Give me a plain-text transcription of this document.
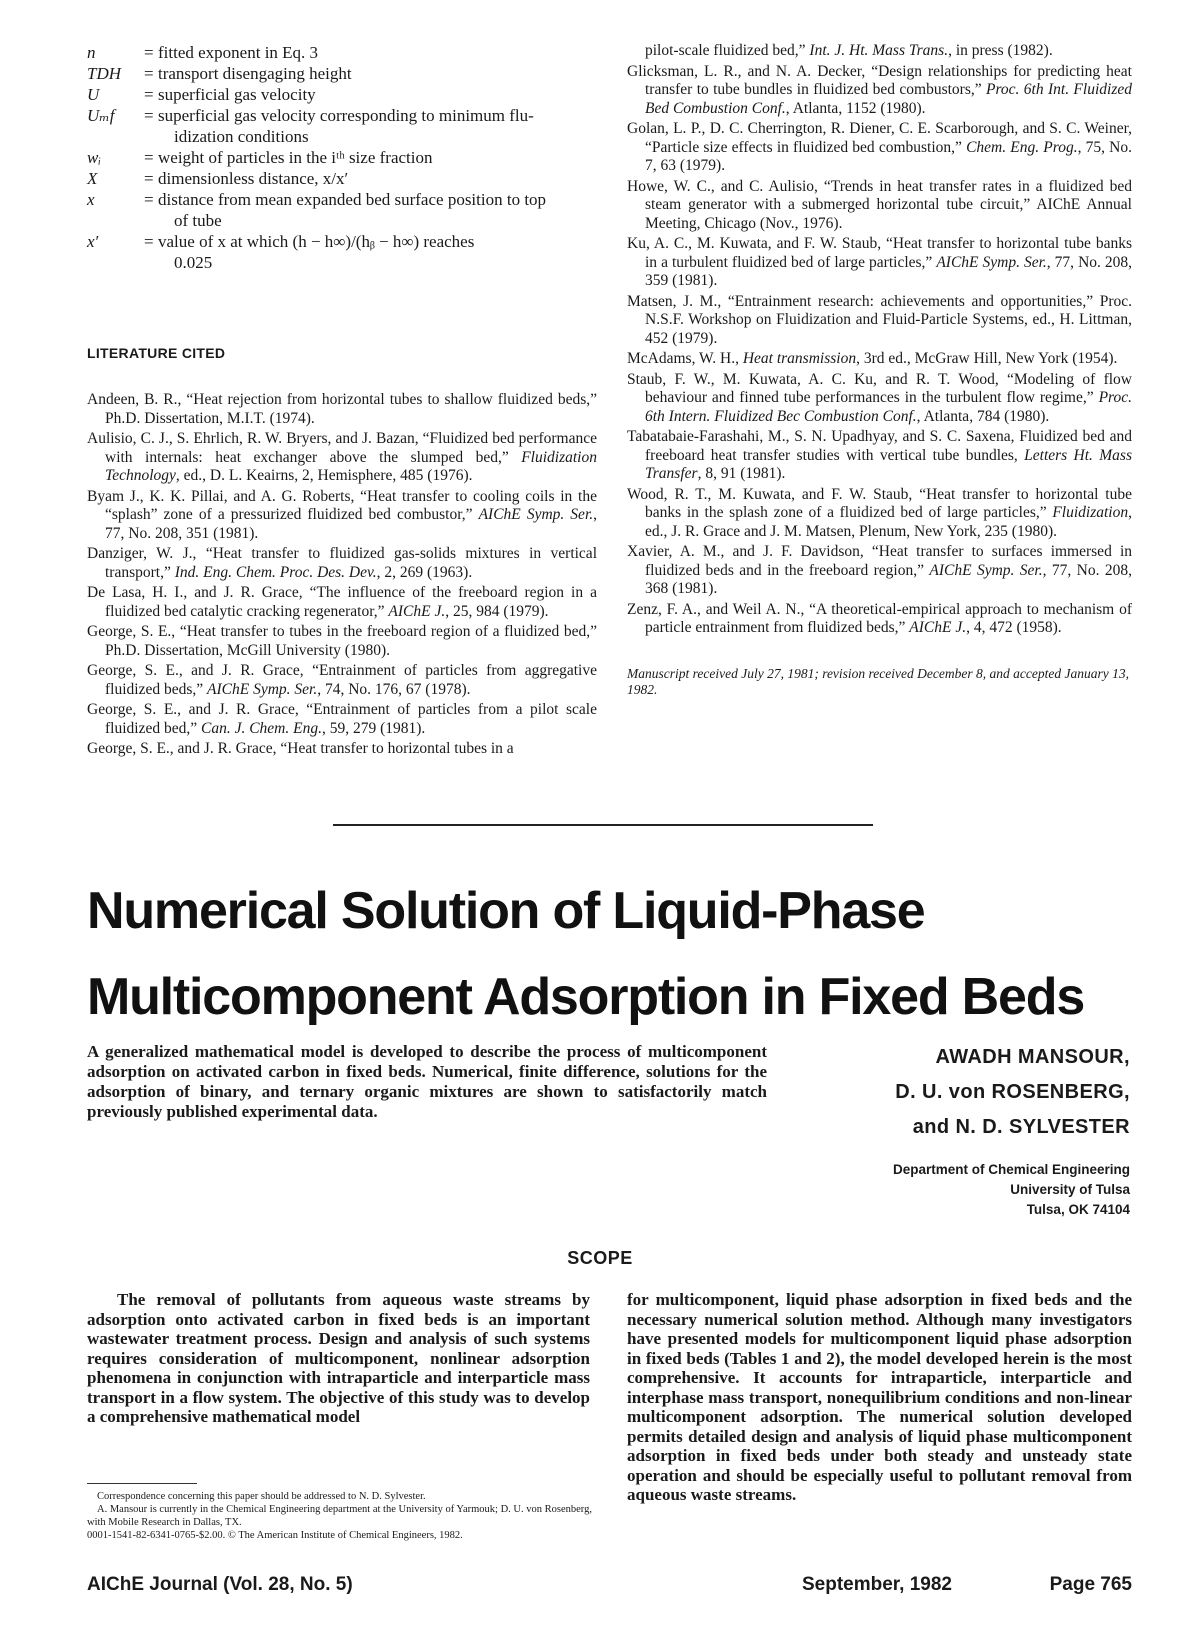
n	= fitted exponent in Eq. 3
TDH	= transport disengaging height
U	= superficial gas velocity
Uₘf	= superficial gas velocity corresponding to minimum flu-
idization conditions
wᵢ	= weight of particles in the iᵗʰ size fraction
X	= dimensionless distance, x/x′
x	= distance from mean expanded bed surface position to top
of tube
x′	= value of x at which (h − h∞)/(hᵦ − h∞) reaches
0.025
LITERATURE CITED
Andeen, B. R., “Heat rejection from horizontal tubes to shallow fluidized beds,” Ph.D. Dissertation, M.I.T. (1974).
Aulisio, C. J., S. Ehrlich, R. W. Bryers, and J. Bazan, “Fluidized bed performance with internals: heat exchanger above the slumped bed,” Fluidization Technology, ed., D. L. Keairns, 2, Hemisphere, 485 (1976).
Byam J., K. K. Pillai, and A. G. Roberts, “Heat transfer to cooling coils in the “splash” zone of a pressurized fluidized bed combustor,” AIChE Symp. Ser., 77, No. 208, 351 (1981).
Danziger, W. J., “Heat transfer to fluidized gas-solids mixtures in vertical transport,” Ind. Eng. Chem. Proc. Des. Dev., 2, 269 (1963).
De Lasa, H. I., and J. R. Grace, “The influence of the freeboard region in a fluidized bed catalytic cracking regenerator,” AIChE J., 25, 984 (1979).
George, S. E., “Heat transfer to tubes in the freeboard region of a fluidized bed,” Ph.D. Dissertation, McGill University (1980).
George, S. E., and J. R. Grace, “Entrainment of particles from aggregative fluidized beds,” AIChE Symp. Ser., 74, No. 176, 67 (1978).
George, S. E., and J. R. Grace, “Entrainment of particles from a pilot scale fluidized bed,” Can. J. Chem. Eng., 59, 279 (1981).
George, S. E., and J. R. Grace, “Heat transfer to horizontal tubes in a
pilot-scale fluidized bed,” Int. J. Ht. Mass Trans., in press (1982).
Glicksman, L. R., and N. A. Decker, “Design relationships for predicting heat transfer to tube bundles in fluidized bed combustors,” Proc. 6th Int. Fluidized Bed Combustion Conf., Atlanta, 1152 (1980).
Golan, L. P., D. C. Cherrington, R. Diener, C. E. Scarborough, and S. C. Weiner, “Particle size effects in fluidized bed combustion,” Chem. Eng. Prog., 75, No. 7, 63 (1979).
Howe, W. C., and C. Aulisio, “Trends in heat transfer rates in a fluidized bed steam generator with a submerged horizontal tube circuit,” AIChE Annual Meeting, Chicago (Nov., 1976).
Ku, A. C., M. Kuwata, and F. W. Staub, “Heat transfer to horizontal tube banks in a turbulent fluidized bed of large particles,” AIChE Symp. Ser., 77, No. 208, 359 (1981).
Matsen, J. M., “Entrainment research: achievements and opportunities,” Proc. N.S.F. Workshop on Fluidization and Fluid-Particle Systems, ed., H. Littman, 452 (1979).
McAdams, W. H., Heat transmission, 3rd ed., McGraw Hill, New York (1954).
Staub, F. W., M. Kuwata, A. C. Ku, and R. T. Wood, “Modeling of flow behaviour and finned tube performances in the turbulent flow regime,” Proc. 6th Intern. Fluidized Bec Combustion Conf., Atlanta, 784 (1980).
Tabatabaie-Farashahi, M., S. N. Upadhyay, and S. C. Saxena, Fluidized bed and freeboard heat transfer studies with vertical tube bundles, Letters Ht. Mass Transfer, 8, 91 (1981).
Wood, R. T., M. Kuwata, and F. W. Staub, “Heat transfer to horizontal tube banks in the splash zone of a fluidized bed of large particles,” Fluidization, ed., J. R. Grace and J. M. Matsen, Plenum, New York, 235 (1980).
Xavier, A. M., and J. F. Davidson, “Heat transfer to surfaces immersed in fluidized beds and in the freeboard region,” AIChE Symp. Ser., 77, No. 208, 368 (1981).
Zenz, F. A., and Weil A. N., “A theoretical-empirical approach to mechanism of particle entrainment from fluidized beds,” AIChE J., 4, 472 (1958).
Manuscript received July 27, 1981; revision received December 8, and accepted January 13, 1982.
Numerical Solution of Liquid-Phase
Multicomponent Adsorption in Fixed Beds
A generalized mathematical model is developed to describe the process of multicomponent adsorption on activated carbon in fixed beds. Numerical, finite difference, solutions for the adsorption of binary, and ternary organic mixtures are shown to satisfactorily match previously published experimental data.
AWADH MANSOUR,
D. U. von ROSENBERG,
and N. D. SYLVESTER
Department of Chemical Engineering
University of Tulsa
Tulsa, OK 74104
SCOPE
The removal of pollutants from aqueous waste streams by adsorption onto activated carbon in fixed beds is an important wastewater treatment process. Design and analysis of such systems requires consideration of multicomponent, nonlinear adsorption phenomena in conjunction with intraparticle and interparticle mass transport in a flow system. The objective of this study was to develop a comprehensive mathematical model
for multicomponent, liquid phase adsorption in fixed beds and the necessary numerical solution method. Although many investigators have presented models for multicomponent liquid phase adsorption in fixed beds (Tables 1 and 2), the model developed herein is the most comprehensive. It accounts for intraparticle, interparticle and interphase mass transport, nonequilibrium conditions and non-linear multicomponent adsorption. The numerical solution developed permits detailed design and analysis of liquid phase multicomponent adsorption in fixed beds under both steady and unsteady state operation and should be especially useful to pollutant removal from aqueous waste streams.

Correspondence concerning this paper should be addressed to N. D. Sylvester.

A. Mansour is currently in the Chemical Engineering department at the University of Yarmouk; D. U. von Rosenberg, with Mobile Research in Dallas, TX.

0001-1541-82-6341-0765-$2.00. © The American Institute of Chemical Engineers, 1982.

AIChE Journal (Vol. 28, No. 5)	September, 1982	Page 765
